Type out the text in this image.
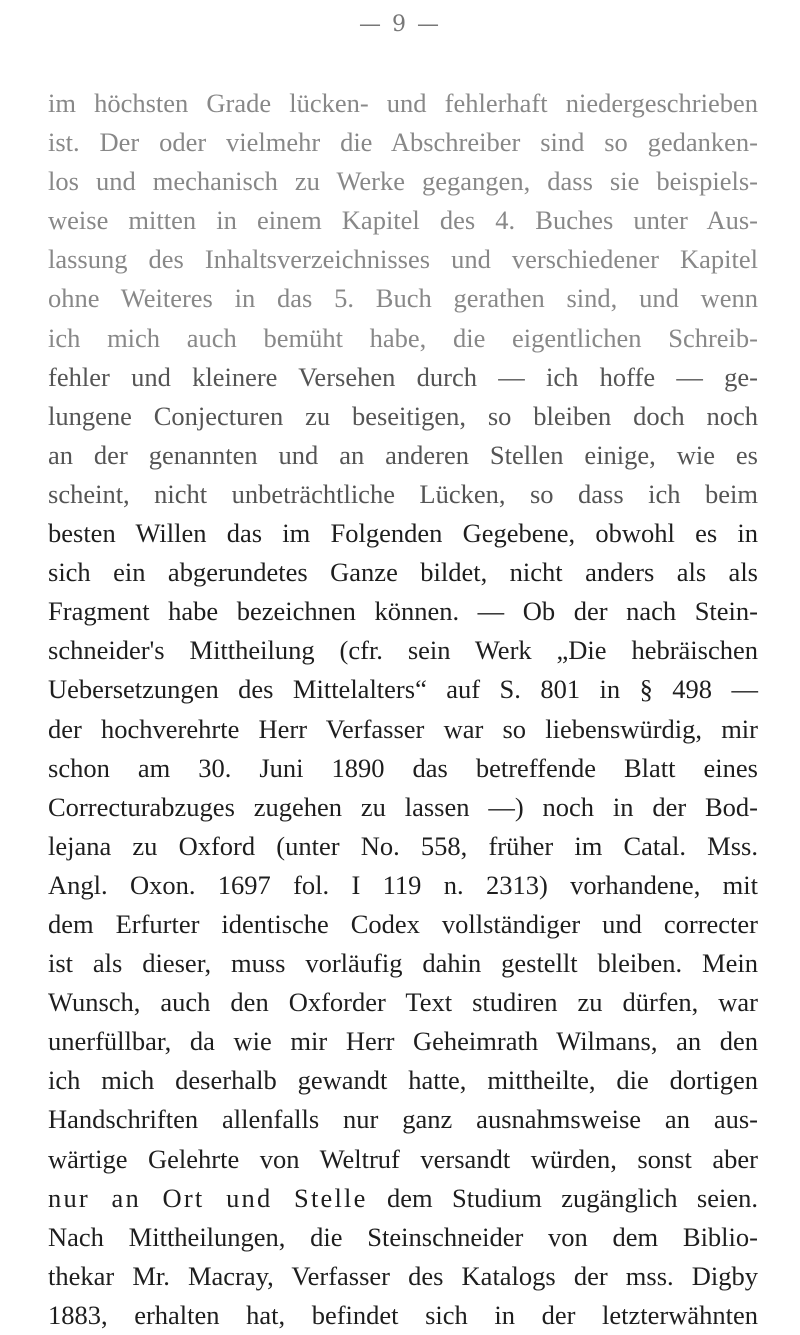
— 9 —
im höchsten Grade lücken- und fehlerhaft niedergeschrieben
ist. Der oder vielmehr die Abschreiber sind so gedanken-
los und mechanisch zu Werke gegangen, dass sie beispiels-
weise mitten in einem Kapitel des 4. Buches unter Aus-
lassung des Inhaltsverzeichnisses und verschiedener Kapitel
ohne Weiteres in das 5. Buch gerathen sind, und wenn
ich mich auch bemüht habe, die eigentlichen Schreib-
fehler und kleinere Versehen durch — ich hoffe — ge-
lungene Conjecturen zu beseitigen, so bleiben doch noch
an der genannten und an anderen Stellen einige, wie es
scheint, nicht unbeträchtliche Lücken, so dass ich beim
besten Willen das im Folgenden Gegebene, obwohl es in
sich ein abgerundetes Ganze bildet, nicht anders als als
Fragment habe bezeichnen können. — Ob der nach Stein-
schneider's Mittheilung (cfr. sein Werk „Die hebräischen
Uebersetzungen des Mittelalters“ auf S. 801 in § 498 —
der hochverehrte Herr Verfasser war so liebenswürdig, mir
schon am 30. Juni 1890 das betreffende Blatt eines
Correcturabzuges zugehen zu lassen —) noch in der Bod-
lejana zu Oxford (unter No. 558, früher im Catal. Mss.
Angl. Oxon. 1697 fol. I 119 n. 2313) vorhandene, mit
dem Erfurter identische Codex vollständiger und correcter
ist als dieser, muss vorläufig dahin gestellt bleiben. Mein
Wunsch, auch den Oxforder Text studiren zu dürfen, war
unerfüllbar, da wie mir Herr Geheimrath Wilmans, an den
ich mich deserhalb gewandt hatte, mittheilte, die dortigen
Handschriften allenfalls nur ganz ausnahmsweise an aus-
wärtige Gelehrte von Weltruf versandt würden, sonst aber
nur an Ort und Stelle dem Studium zugänglich seien.
Nach Mittheilungen, die Steinschneider von dem Biblio-
thekar Mr. Macray, Verfasser des Katalogs der mss. Digby
1883, erhalten hat, befindet sich in der letzterwähnten
